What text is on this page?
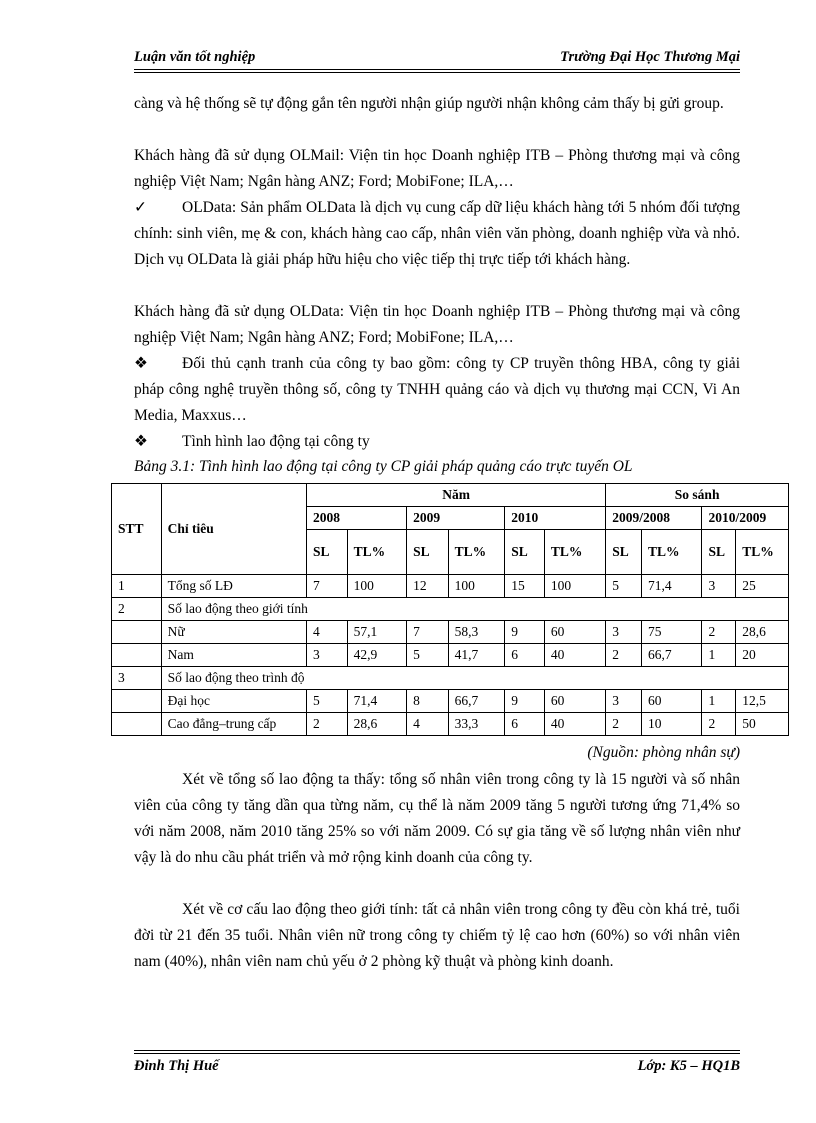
Luận văn tốt nghiệp	Trường Đại Học Thương Mại
càng và hệ thống sẽ tự động gắn tên người nhận giúp người nhận không cảm thấy bị gửi group.
Khách hàng đã sử dụng OLMail: Viện tin học Doanh nghiệp ITB – Phòng thương mại và công nghiệp Việt Nam; Ngân hàng ANZ; Ford; MobiFone; ILA,…
✓ OLData: Sản phẩm OLData là dịch vụ cung cấp dữ liệu khách hàng tới 5 nhóm đối tượng chính: sinh viên, mẹ & con, khách hàng cao cấp, nhân viên văn phòng, doanh nghiệp vừa và nhỏ. Dịch vụ OLData là giải pháp hữu hiệu cho việc tiếp thị trực tiếp tới khách hàng.
Khách hàng đã sử dụng OLData: Viện tin học Doanh nghiệp ITB – Phòng thương mại và công nghiệp Việt Nam; Ngân hàng ANZ; Ford; MobiFone; ILA,…
❖ Đối thủ cạnh tranh của công ty bao gồm: công ty CP truyền thông HBA, công ty giải pháp công nghệ truyền thông số, công ty TNHH quảng cáo và dịch vụ thương mại CCN, Vi An Media, Maxxus…
❖ Tình hình lao động tại công ty
Bảng 3.1: Tình hình lao động tại công ty CP giải pháp quảng cáo trực tuyến OL
STT	Chỉ tiêu	Năm						So sánh			
		2008		2009		2010		2009/2008		2010/2009	
		SL	TL%	SL	TL%	SL	TL%	SL	TL%	SL	TL%
1	Tổng số LĐ	7	100	12	100	15	100	5	71,4	3	25
2	Số lao động theo giới tính										
	Nữ	4	57,1	7	58,3	9	60	3	75	2	28,6
	Nam	3	42,9	5	41,7	6	40	2	66,7	1	20
3	Số lao động theo trình độ										
	Đại học	5	71,4	8	66,7	9	60	3	60	1	12,5
	Cao đẳng–trung cấp	2	28,6	4	33,3	6	40	2	10	2	50
(Nguồn: phòng nhân sự)
Xét về tổng số lao động ta thấy: tổng số nhân viên trong công ty là 15 người và số nhân viên của công ty tăng dần qua từng năm, cụ thể là năm 2009 tăng 5 người tương ứng 71,4% so với năm 2008, năm 2010 tăng 25% so với năm 2009. Có sự gia tăng về số lượng nhân viên như vậy là do nhu cầu phát triển và mở rộng kinh doanh của công ty.
Xét về cơ cấu lao động theo giới tính: tất cả nhân viên trong công ty đều còn khá trẻ, tuổi đời từ 21 đến 35 tuổi. Nhân viên nữ trong công ty chiếm tỷ lệ cao hơn (60%) so với nhân viên nam (40%), nhân viên nam chủ yếu ở 2 phòng kỹ thuật và phòng kinh doanh.
Đinh Thị Huế	Lớp: K5 – HQ1B
